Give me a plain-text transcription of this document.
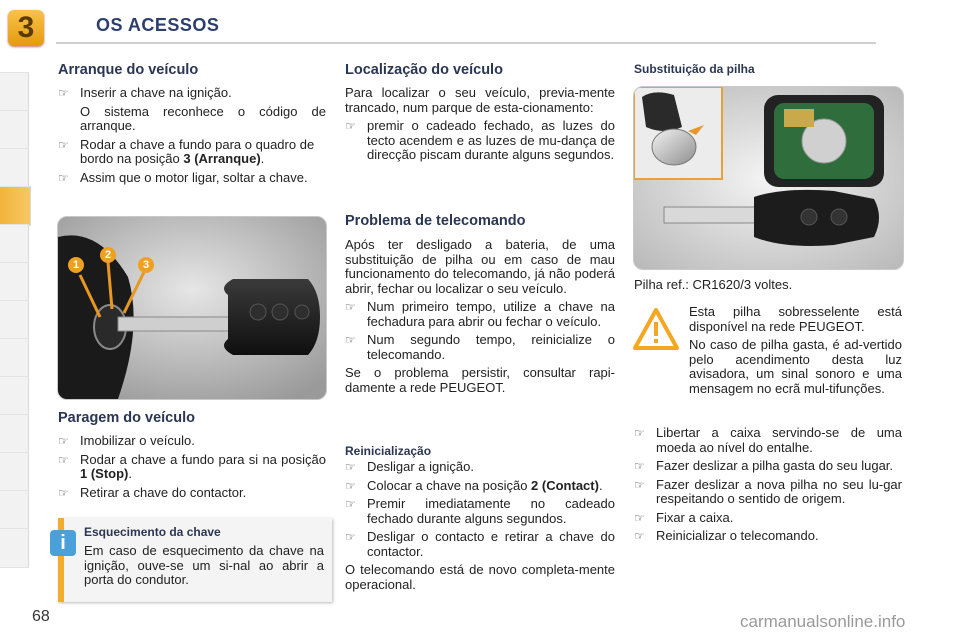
3	OS ACESSOS
Arranque do veículo
☞ Inserir a chave na ignição.
O sistema reconhece o código de arranque.
☞ Rodar a chave a fundo para o quadro de bordo na posição 3 (Arranque).
☞ Assim que o motor ligar, soltar a chave.
1
2
3
Paragem do veículo
☞ Imobilizar o veículo.
☞ Rodar a chave a fundo para si na posição 1 (Stop).
☞ Retirar a chave do contactor.
Esquecimento da chave
Em caso de esquecimento da chave na ignição, ouve-se um si-nal ao abrir a porta do condutor.
i
Localização do veículo
Para localizar o seu veículo, previa-mente trancado, num parque de esta-cionamento:
☞ premir o cadeado fechado, as luzes do tecto acendem e as luzes de mu-dança de direcção piscam durante alguns segundos.
Problema de telecomando
Após ter desligado a bateria, de uma substituição de pilha ou em caso de mau funcionamento do telecomando, já não poderá abrir, fechar ou localizar o seu veículo.
☞ Num primeiro tempo, utilize a chave na fechadura para abrir ou fechar o veículo.
☞ Num segundo tempo, reinicialize o telecomando.
Se o problema persistir, consultar rapi-damente a rede PEUGEOT.
Reinicialização
☞ Desligar a ignição.
☞ Colocar a chave na posição 2 (Contact).
☞ Premir imediatamente no cadeado fechado durante alguns segundos.
☞ Desligar o contacto e retirar a chave do contactor.
O telecomando está de novo completa-mente operacional.
Substituição da pilha
Pilha ref.: CR1620/3 voltes.
Esta pilha sobresselente está disponível na rede PEUGEOT.
No caso de pilha gasta, é ad-vertido pelo acendimento desta luz avisadora, um sinal sonoro e uma mensagem no ecrã mul-tifunções.
☞ Libertar a caixa servindo-se de uma moeda ao nível do entalhe.
☞ Fazer deslizar a pilha gasta do seu lugar.
☞ Fazer deslizar a nova pilha no seu lu-gar respeitando o sentido de origem.
☞ Fixar a caixa.
☞ Reinicializar o telecomando.
68	carmanualsonline.info
